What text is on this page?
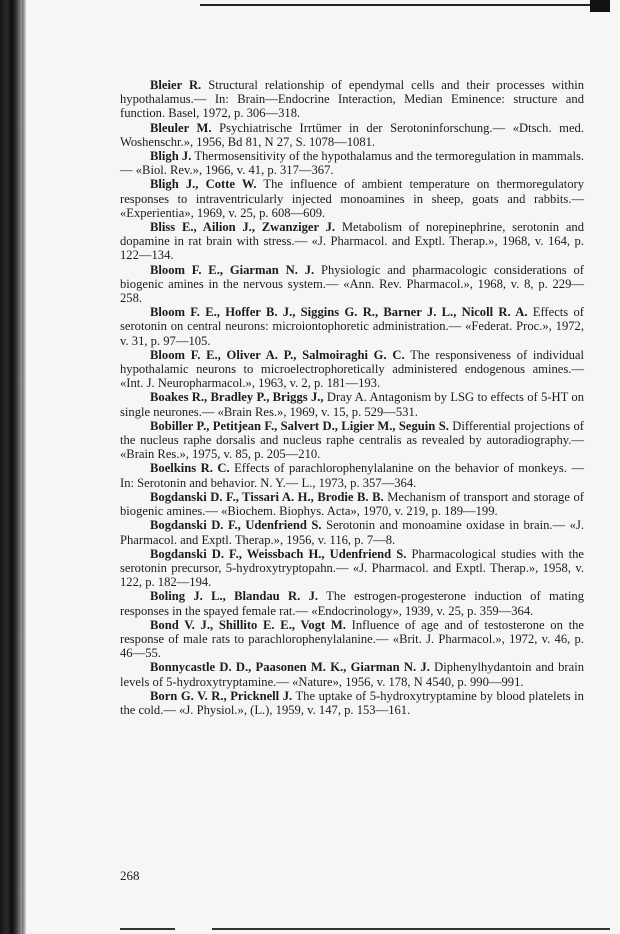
Bleier R. Structural relationship of ependymal cells and their processes within hypothalamus.— In: Brain—Endocrine Interaction, Median Eminence: structure and function. Basel, 1972, p. 306—318.

Bleuler M. Psychiatrische Irrtümer in der Serotoninforschung.— «Dtsch. med. Woshenschr.», 1956, Bd 81, N 27, S. 1078—1081.

Bligh J. Thermosensitivity of the hypothalamus and the termoregulation in mammals.— «Biol. Rev.», 1966, v. 41, p. 317—367.

Bligh J., Cotte W. The influence of ambient temperature on thermoregulatory responses to intraventricularly injected monoamines in sheep, goats and rabbits.— «Experientia», 1969, v. 25, p. 608—609.

Bliss E., Ailion J., Zwanziger J. Metabolism of norepinephrine, serotonin and dopamine in rat brain with stress.— «J. Pharmacol. and Exptl. Therap.», 1968, v. 164, p. 122—134.

Bloom F. E., Giarman N. J. Physiologic and pharmacologic considerations of biogenic amines in the nervous system.— «Ann. Rev. Pharmacol.», 1968, v. 8, p. 229—258.

Bloom F. E., Hoffer B. J., Siggins G. R., Barner J. L., Nicoll R. A. Effects of serotonin on central neurons: microiontophoretic administration.— «Federat. Proc.», 1972, v. 31, p. 97—105.

Bloom F. E., Oliver A. P., Salmoiraghi G. C. The responsiveness of individual hypothalamic neurons to microelectrophoretically administered endogenous amines.— «Int. J. Neuropharmacol.», 1963, v. 2, p. 181—193.

Boakes R., Bradley P., Briggs J., Dray A. Antagonism by LSG to effects of 5-HT on single neurones.— «Brain Res.», 1969, v. 15, p. 529—531.

Bobiller P., Petitjean F., Salvert D., Ligier M., Seguin S. Differential projections of the nucleus raphe dorsalis and nucleus raphe centralis as revealed by autoradiography.— «Brain Res.», 1975, v. 85, p. 205—210.

Boelkins R. C. Effects of parachlorophenylalanine on the behavior of monkeys. — In: Serotonin and behavior. N. Y.— L., 1973, p. 357—364.

Bogdanski D. F., Tissari A. H., Brodie B. B. Mechanism of transport and storage of biogenic amines.— «Biochem. Biophys. Acta», 1970, v. 219, p. 189—199.

Bogdanski D. F., Udenfriend S. Serotonin and monoamine oxidase in brain.— «J. Pharmacol. and Exptl. Therap.», 1956, v. 116, p. 7—8.

Bogdanski D. F., Weissbach H., Udenfriend S. Pharmacological studies with the serotonin precursor, 5-hydroxytryptopahn.— «J. Pharmacol. and Exptl. Therap.», 1958, v. 122, p. 182—194.

Boling J. L., Blandau R. J. The estrogen-progesterone induction of mating responses in the spayed female rat.— «Endocrinology», 1939, v. 25, p. 359—364.

Bond V. J., Shillito E. E., Vogt M. Influence of age and of testosterone on the response of male rats to parachlorophenylalanine.— «Brit. J. Pharmacol.», 1972, v. 46, p. 46—55.

Bonnycastle D. D., Paasonen M. K., Giarman N. J. Diphenylhydantoin and brain levels of 5-hydroxytryptamine.— «Nature», 1956, v. 178, N 4540, p. 990—991.

Born G. V. R., Pricknell J. The uptake of 5-hydroxytryptamine by blood platelets in the cold.— «J. Physiol.», (L.), 1959, v. 147, p. 153—161.

268
